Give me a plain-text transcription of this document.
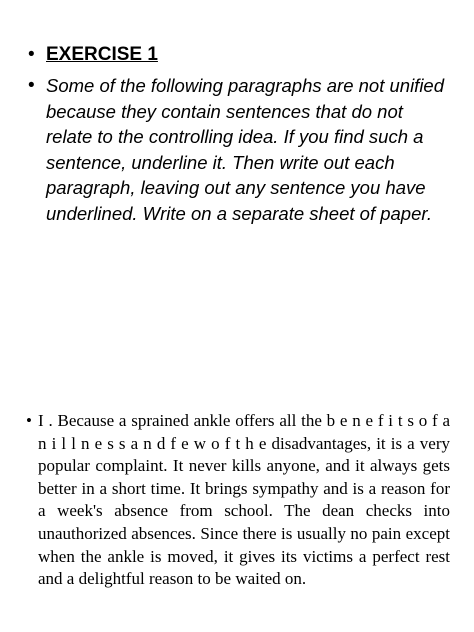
• EXERCISE 1
• Some of the following paragraphs are not unified because they contain sentences that do not relate to the controlling idea. If you find such a sentence, underline it. Then write out each paragraph, leaving out any sentence you have underlined. Write on a separate sheet of paper.
• I . Because a sprained ankle offers all the b e n e f i t s o f a n i l l n e s s a n d f e w o f t h e disadvantages, it is a very popular complaint. It never kills anyone, and it always gets better in a short time. It brings sympathy and is a reason for a week's absence from school. The dean checks into unauthorized absences. Since there is usually no pain except when the ankle is moved, it gives its victims a perfect rest and a delightful reason to be waited on.
